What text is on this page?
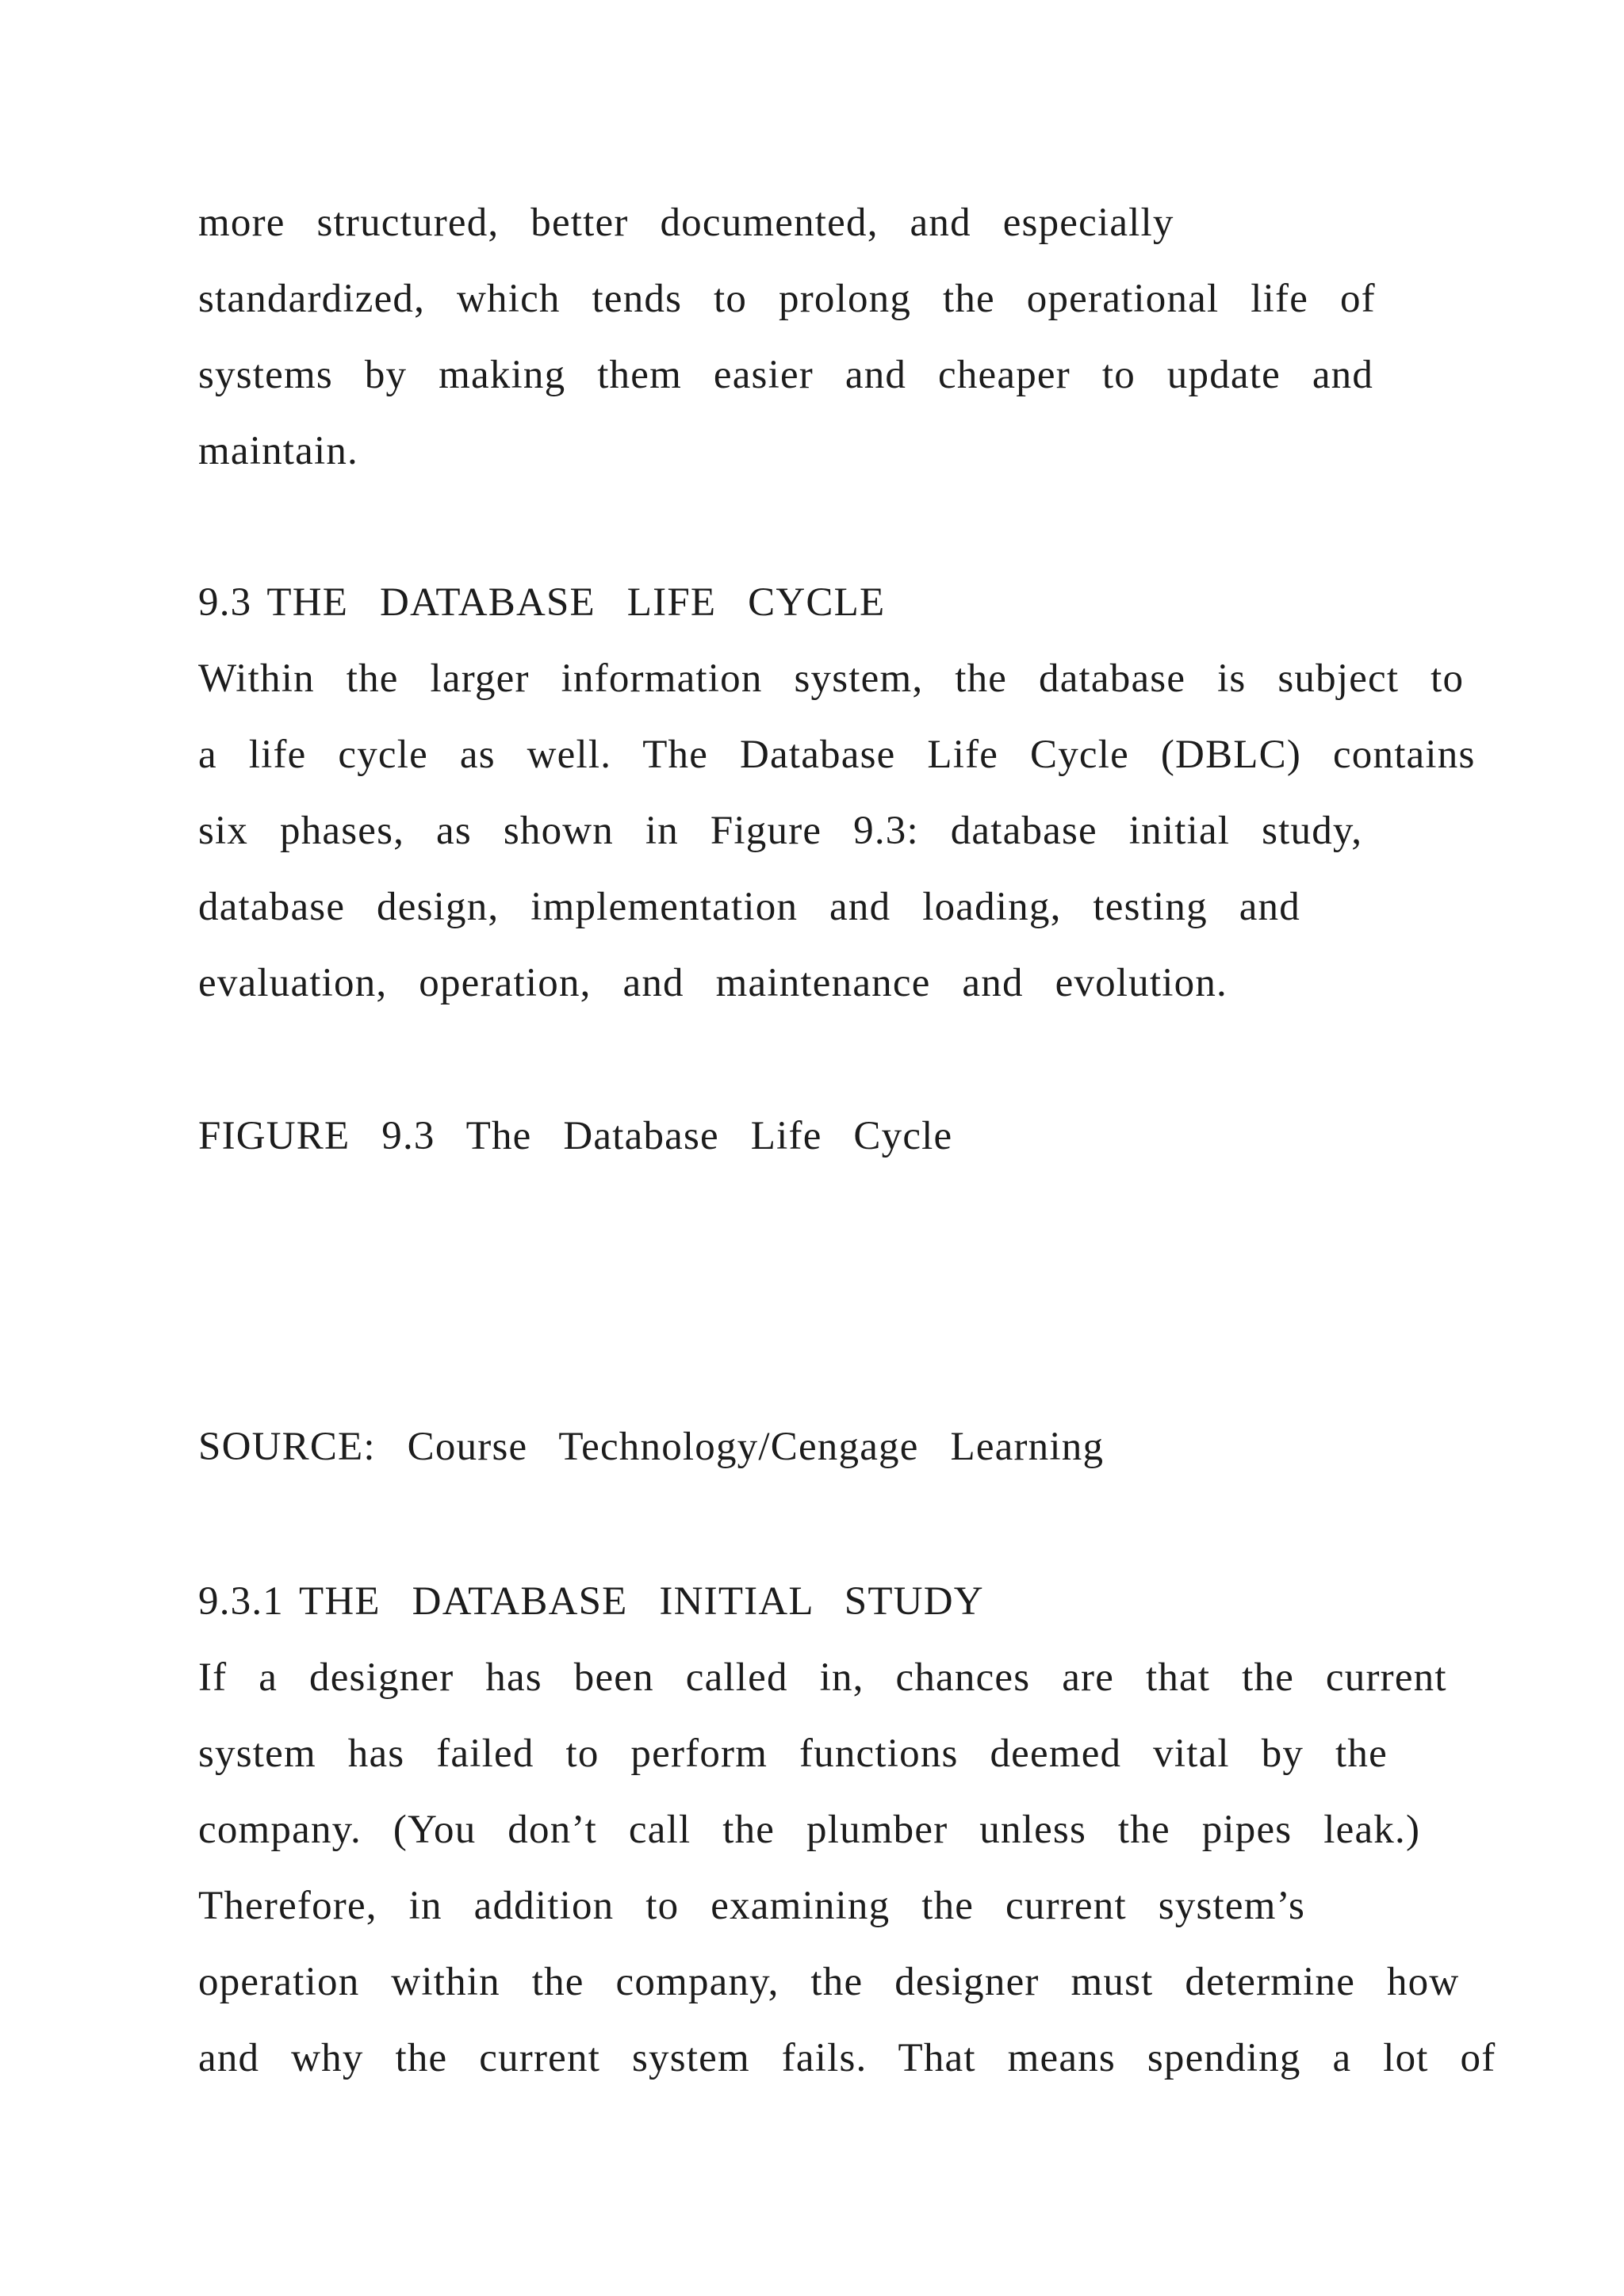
more  structured,  better  documented,  and  especially
standardized,  which  tends  to  prolong  the  operational  life  of
systems  by  making  them  easier  and  cheaper  to  update  and
maintain.
9.3 THE  DATABASE  LIFE  CYCLE
Within  the  larger  information  system,  the  database  is  subject  to
a  life  cycle  as  well.  The  Database  Life  Cycle  (DBLC)  contains
six  phases,  as  shown  in  Figure  9.3:  database  initial  study,
database  design,  implementation  and  loading,  testing  and
evaluation,  operation,  and  maintenance  and  evolution.
FIGURE  9.3  The  Database  Life  Cycle
SOURCE:  Course  Technology/Cengage  Learning
9.3.1 THE  DATABASE  INITIAL  STUDY
If  a  designer  has  been  called  in,  chances  are  that  the  current
system  has  failed  to  perform  functions  deemed  vital  by  the
company.  (You  don’t  call  the  plumber  unless  the  pipes  leak.)
Therefore,  in  addition  to  examining  the  current  system’s
operation  within  the  company,  the  designer  must  determine  how
and  why  the  current  system  fails.  That  means  spending  a  lot  of
